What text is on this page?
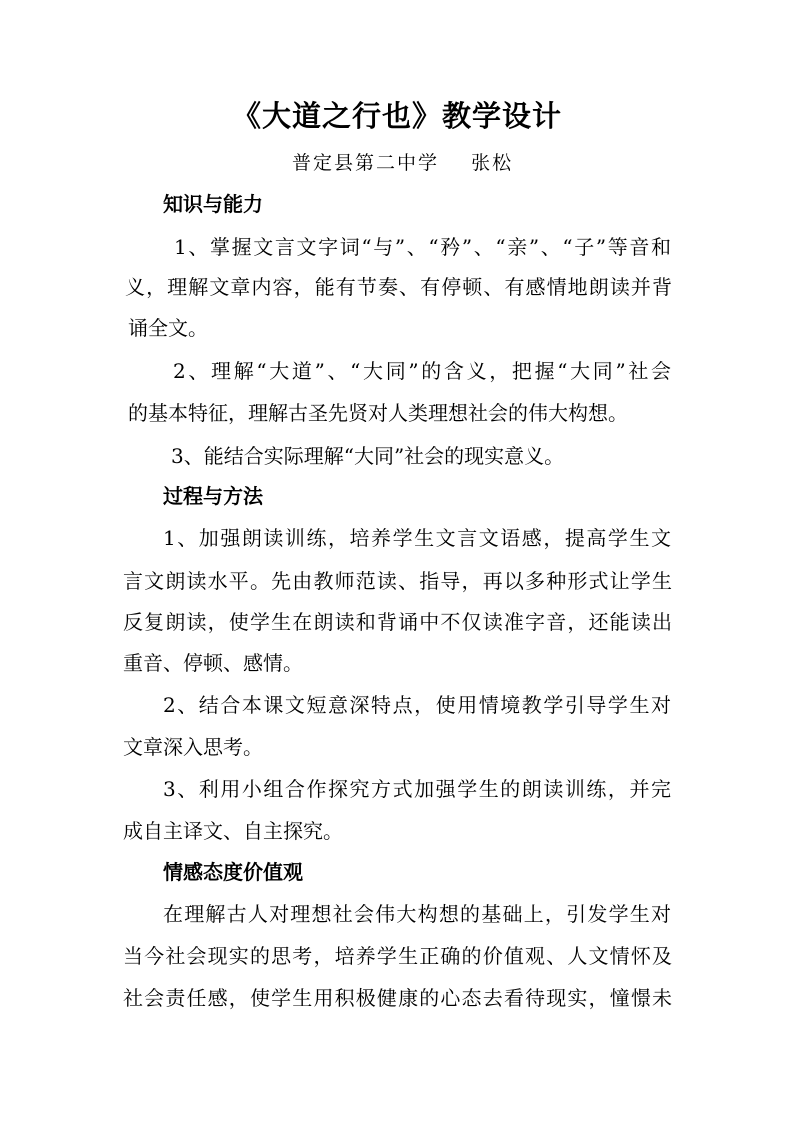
《大道之行也》教学设计
普定县第二中学    张松
知识与能力
1、掌握文言文字词“与”、“矜”、“亲”、“子”等音和
义，理解文章内容，能有节奏、有停顿、有感情地朗读并背
诵全文。
2、理解“大道”、“大同”的含义，把握“大同”社会
的基本特征，理解古圣先贤对人类理想社会的伟大构想。
3、能结合实际理解“大同”社会的现实意义。
过程与方法
1、加强朗读训练，培养学生文言文语感，提高学生文
言文朗读水平。先由教师范读、指导，再以多种形式让学生
反复朗读，使学生在朗读和背诵中不仅读准字音，还能读出
重音、停顿、感情。
2、结合本课文短意深特点，使用情境教学引导学生对
文章深入思考。
3、利用小组合作探究方式加强学生的朗读训练，并完
成自主译文、自主探究。
情感态度价值观
在理解古人对理想社会伟大构想的基础上，引发学生对
当今社会现实的思考，培养学生正确的价值观、人文情怀及
社会责任感，使学生用积极健康的心态去看待现实，憧憬未
